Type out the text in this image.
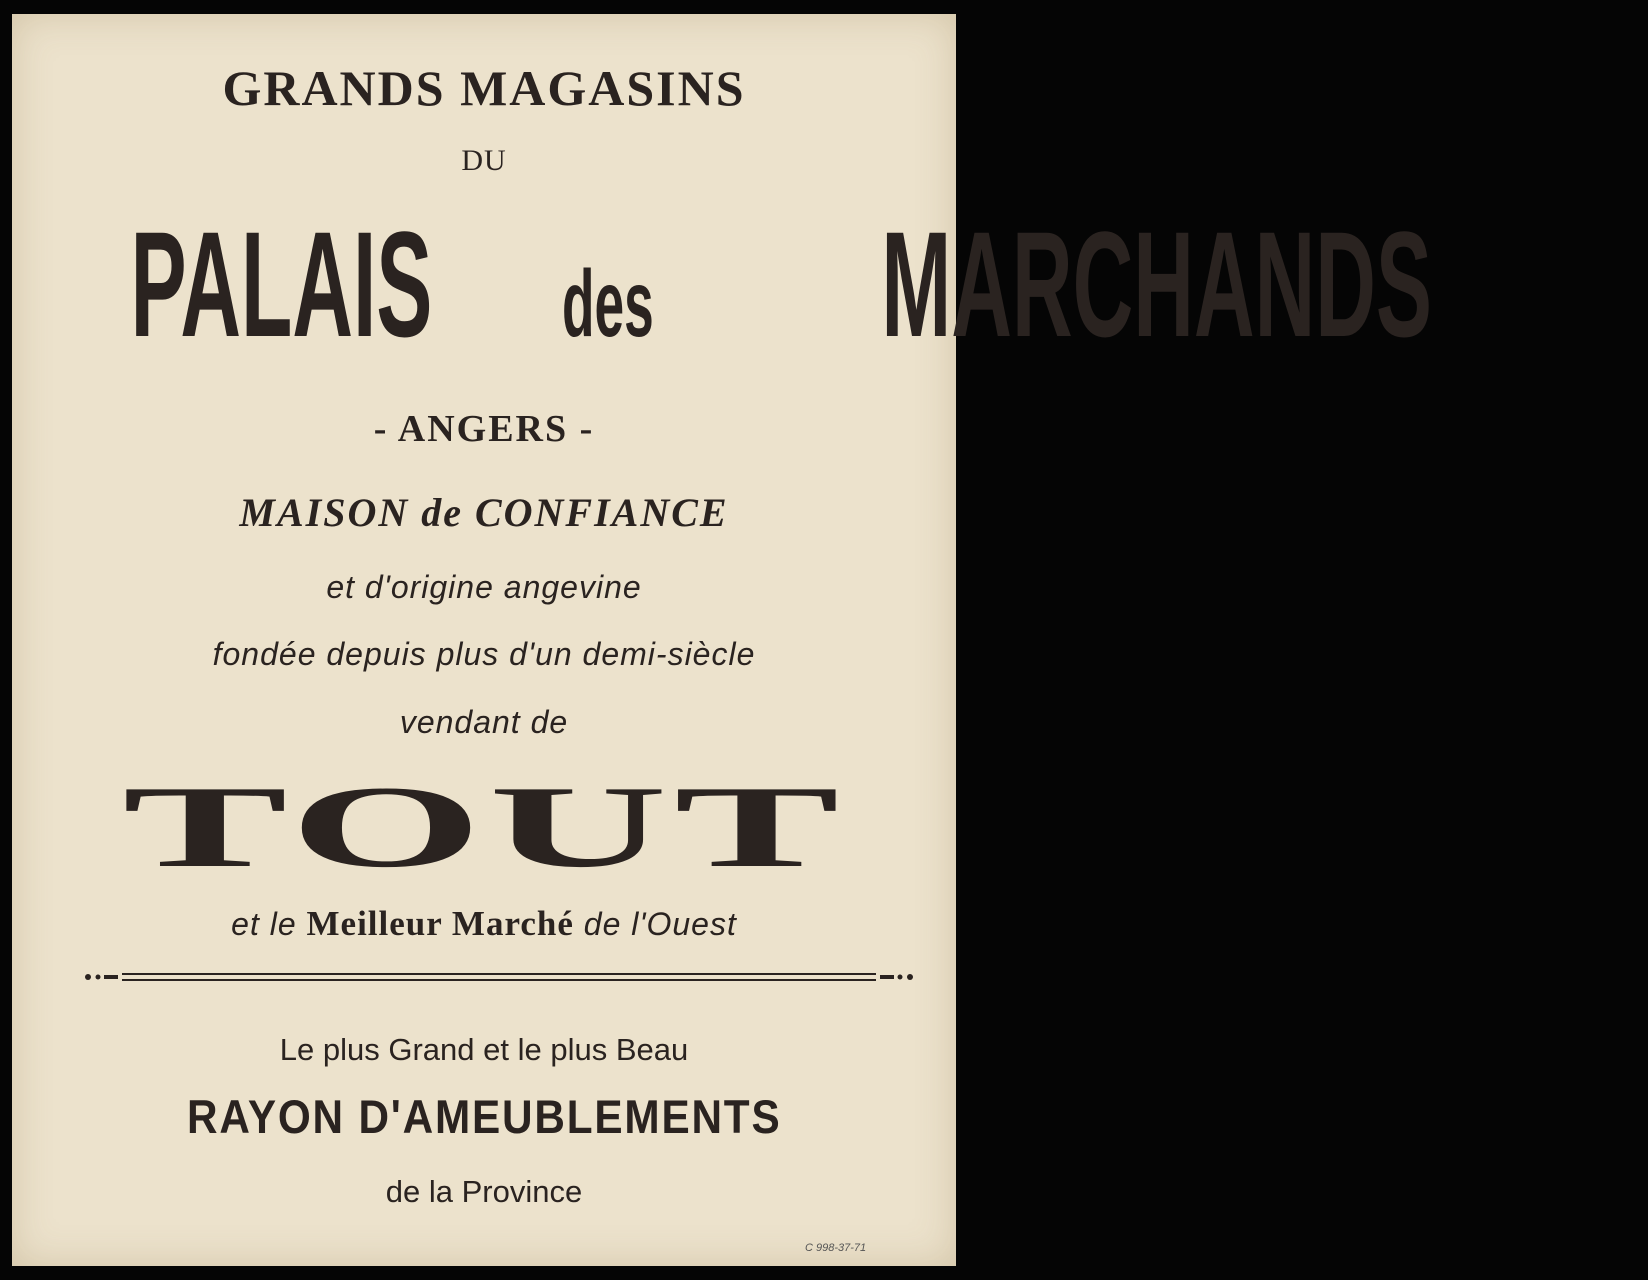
GRANDS MAGASINS
DU
PALAIS des MARCHANDS
- ANGERS -
MAISON de CONFIANCE
et d'origine angevine
fondée depuis plus d'un demi-siècle
vendant de
TOUT
et le Meilleur Marché de l'Ouest
Le plus Grand et le plus Beau
RAYON D'AMEUBLEMENTS
de la Province
C 998-37-71
